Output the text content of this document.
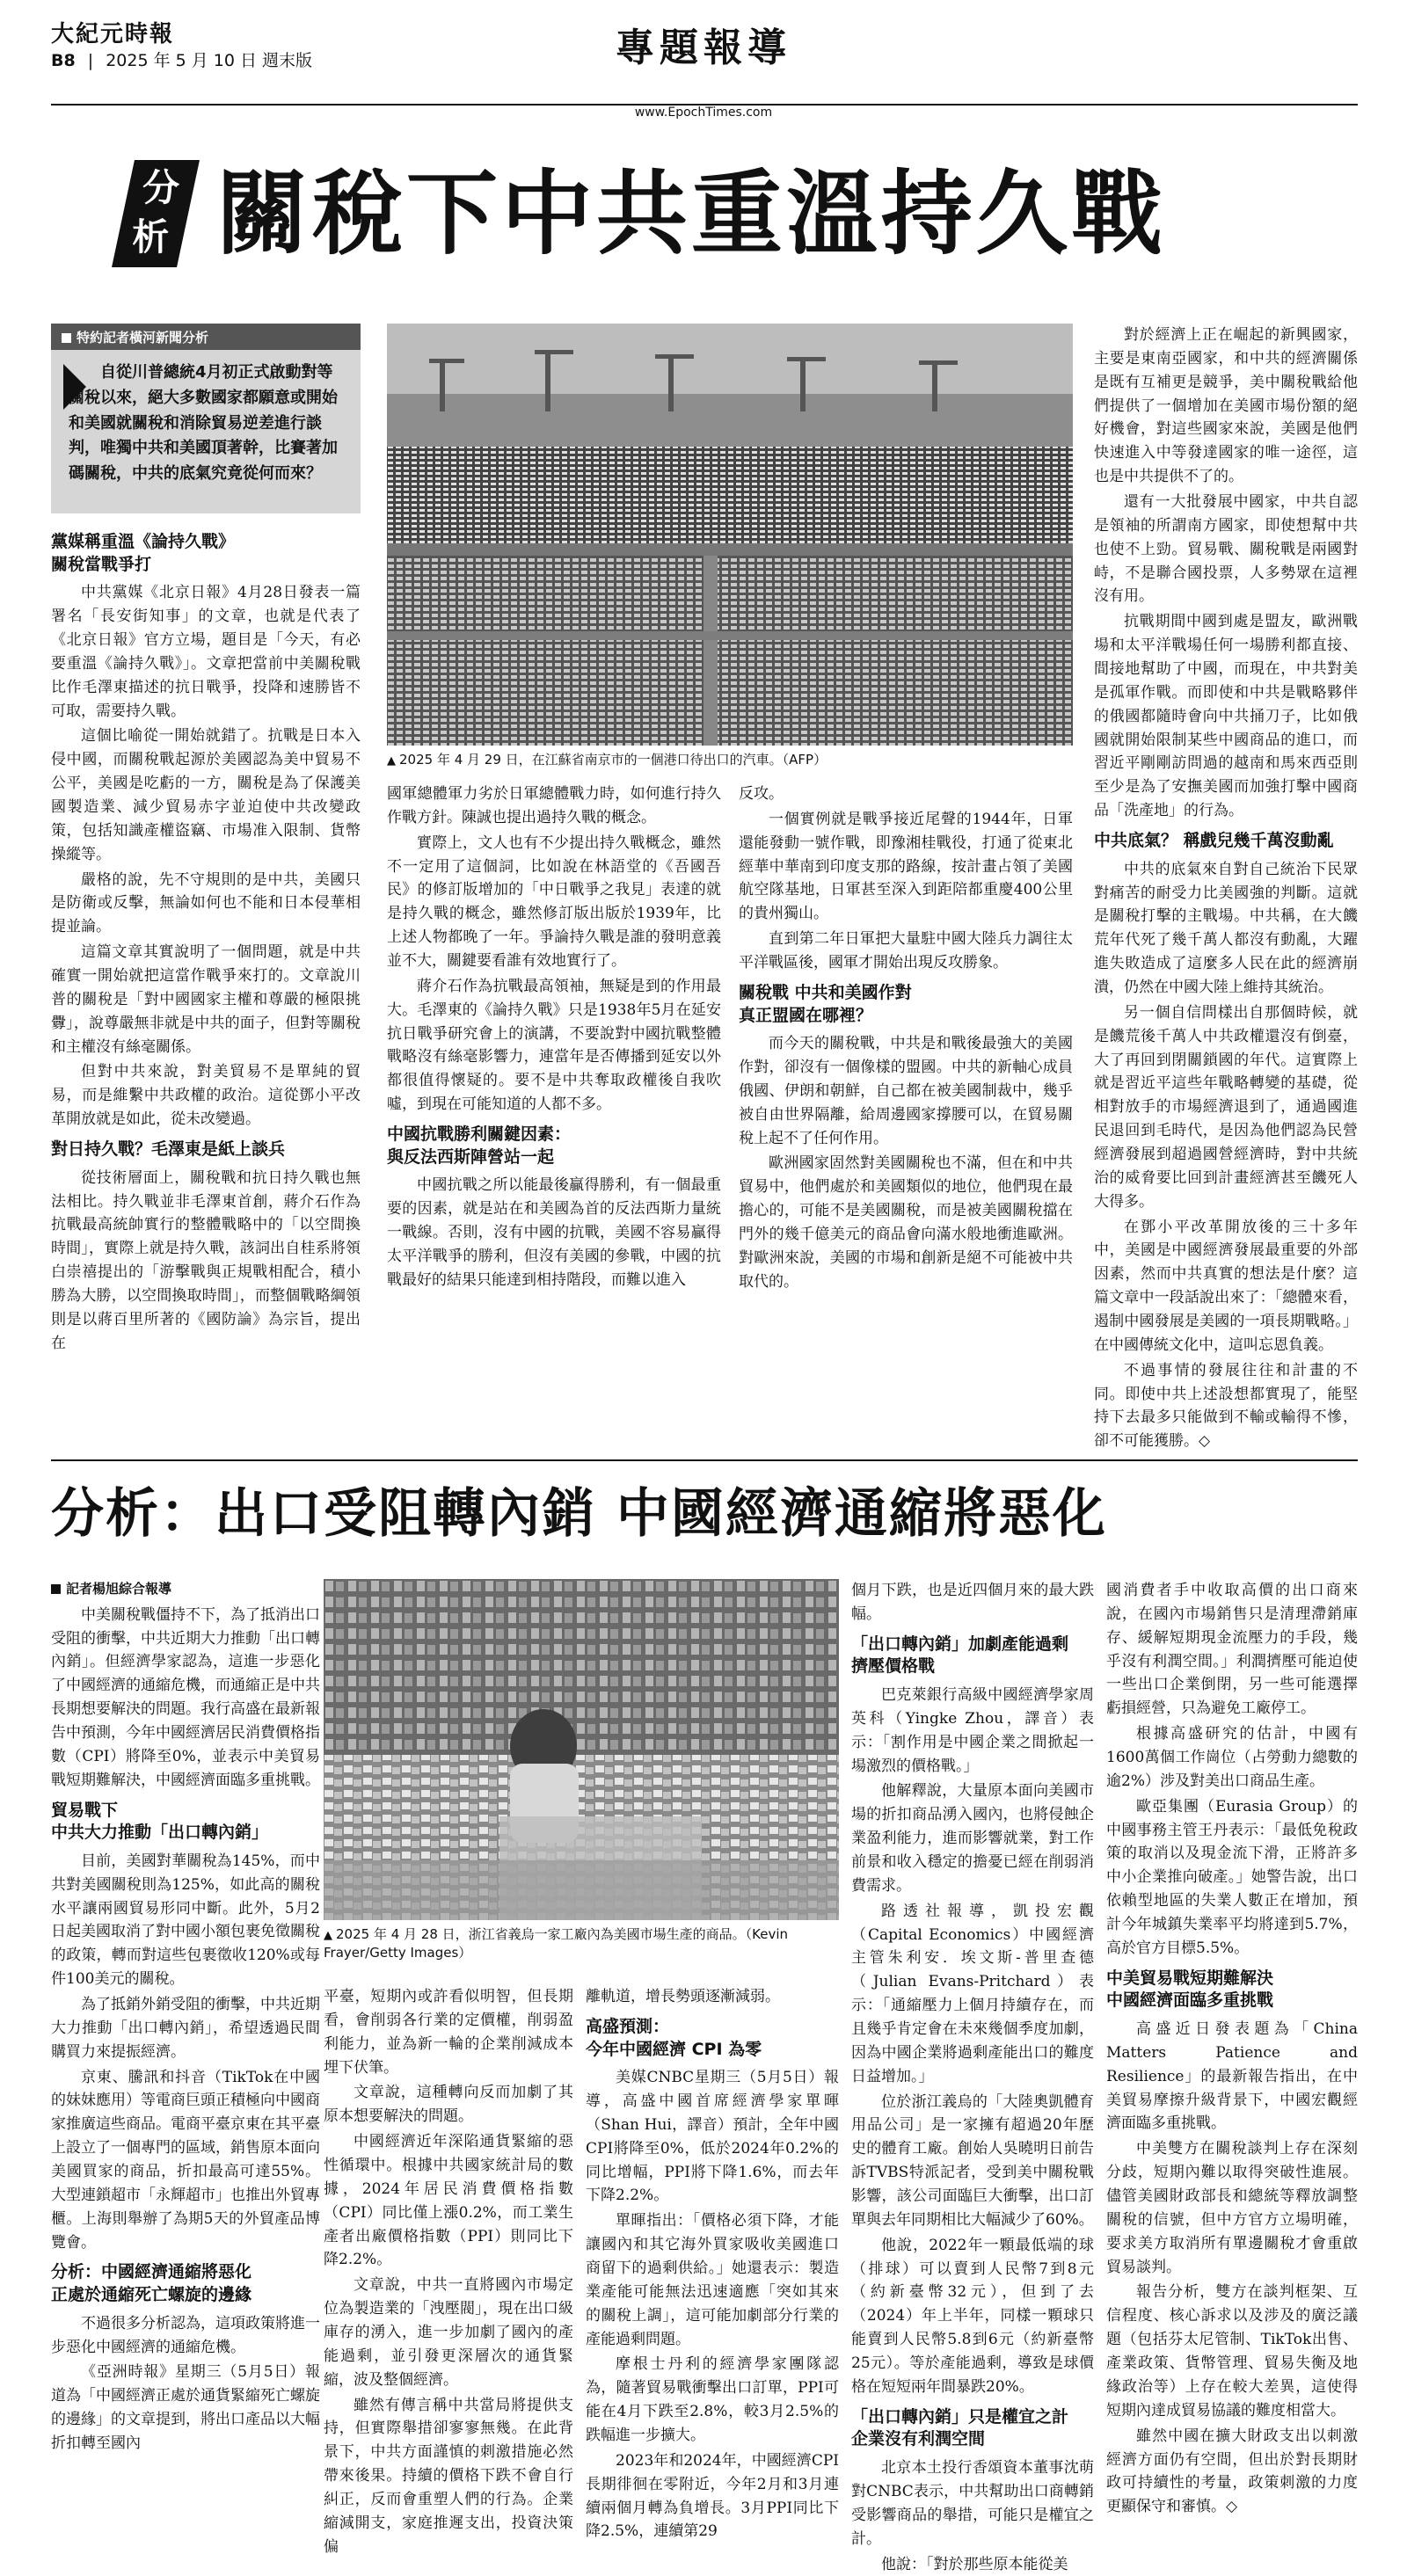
大紀元時報
B8 | 2025 年 5 月 10 日 週末版	專題報導
www.EpochTimes.com
分
析 關稅下中共重溫持久戰
特約記者橫河新聞分析
自從川普總統4月初正式啟動對等關稅以來，絕大多數國家都願意或開始和美國就關稅和消除貿易逆差進行談判，唯獨中共和美國頂著幹，比賽著加碼關稅，中共的底氣究竟從何而來？
▲ 2025 年 4 月 29 日，在江蘇省南京市的一個港口待出口的汽車。（AFP）
黨媒稱重溫《論持久戰》
關稅當戰爭打

中共黨媒《北京日報》4月28日發表一篇署名「長安街知事」的文章，也就是代表了《北京日報》官方立場，題目是「今天，有必要重溫《論持久戰》」。文章把當前中美關稅戰比作毛澤東描述的抗日戰爭，投降和速勝皆不可取，需要持久戰。

這個比喻從一開始就錯了。抗戰是日本入侵中國，而關稅戰起源於美國認為美中貿易不公平，美國是吃虧的一方，關稅是為了保護美國製造業、減少貿易赤字並迫使中共改變政策，包括知識產權盜竊、市場准入限制、貨幣操縱等。

嚴格的說，先不守規則的是中共，美國只是防衛或反擊，無論如何也不能和日本侵華相提並論。

這篇文章其實說明了一個問題，就是中共確實一開始就把這當作戰爭來打的。文章說川普的關稅是「對中國國家主權和尊嚴的極限挑釁」，說尊嚴無非就是中共的面子，但對等關稅和主權沒有絲毫關係。

但對中共來說，對美貿易不是單純的貿易，而是維繫中共政權的政治。這從鄧小平改革開放就是如此，從未改變過。

對日持久戰？毛澤東是紙上談兵

從技術層面上，關稅戰和抗日持久戰也無法相比。持久戰並非毛澤東首創，蔣介石作為抗戰最高統帥實行的整體戰略中的「以空間換時間」，實際上就是持久戰，該詞出自桂系將領白崇禧提出的「游擊戰與正規戰相配合，積小勝為大勝，以空間換取時間」，而整個戰略綱領則是以蔣百里所著的《國防論》為宗旨，提出在

國軍總體軍力劣於日軍總體戰力時，如何進行持久作戰方針。陳誠也提出過持久戰的概念。

實際上，文人也有不少提出持久戰概念，雖然不一定用了這個詞，比如說在林語堂的《吾國吾民》的修訂版增加的「中日戰爭之我見」表達的就是持久戰的概念，雖然修訂版出版於1939年，比上述人物都晚了一年。爭論持久戰是誰的發明意義並不大，關鍵要看誰有效地實行了。

蔣介石作為抗戰最高領袖，無疑是到的作用最大。毛澤東的《論持久戰》只是1938年5月在延安抗日戰爭研究會上的演講，不要說對中國抗戰整體戰略沒有絲毫影響力，連當年是否傳播到延安以外都很值得懷疑的。要不是中共奪取政權後自我吹噓，到現在可能知道的人都不多。

中國抗戰勝利關鍵因素：
與反法西斯陣營站一起

中國抗戰之所以能最後贏得勝利，有一個最重要的因素，就是站在和美國為首的反法西斯力量統一戰線。否則，沒有中國的抗戰，美國不容易贏得太平洋戰爭的勝利，但沒有美國的參戰，中國的抗戰最好的結果只能達到相持階段，而難以進入

反攻。

一個實例就是戰爭接近尾聲的1944年，日軍還能發動一號作戰，即豫湘桂戰役，打通了從東北經華中華南到印度支那的路線，按計畫占領了美國航空隊基地，日軍甚至深入到距陪都重慶400公里的貴州獨山。

直到第二年日軍把大量駐中國大陸兵力調往太平洋戰區後，國軍才開始出現反攻勝象。

關稅戰 中共和美國作對
真正盟國在哪裡？

而今天的關稅戰，中共是和戰後最強大的美國作對，卻沒有一個像樣的盟國。中共的新軸心成員俄國、伊朗和朝鮮，自己都在被美國制裁中，幾乎被自由世界隔離，給周邊國家撐腰可以，在貿易關稅上起不了任何作用。

歐洲國家固然對美國關稅也不滿，但在和中共貿易中，他們處於和美國類似的地位，他們現在最擔心的，可能不是美國關稅，而是被美國關稅擋在門外的幾千億美元的商品會向滿水般地衝進歐洲。對歐洲來說，美國的市場和創新是絕不可能被中共取代的。

對於經濟上正在崛起的新興國家，主要是東南亞國家，和中共的經濟關係是既有互補更是競爭，美中關稅戰給他們提供了一個增加在美國市場份額的絕好機會，對這些國家來說，美國是他們快速進入中等發達國家的唯一途徑，這也是中共提供不了的。

還有一大批發展中國家，中共自認是領袖的所謂南方國家，即使想幫中共也使不上勁。貿易戰、關稅戰是兩國對峙，不是聯合國投票，人多勢眾在這裡沒有用。

抗戰期間中國到處是盟友，歐洲戰場和太平洋戰場任何一場勝利都直接、間接地幫助了中國，而現在，中共對美是孤軍作戰。而即使和中共是戰略夥伴的俄國都隨時會向中共捅刀子，比如俄國就開始限制某些中國商品的進口，而習近平剛剛訪問過的越南和馬來西亞則至少是為了安撫美國而加強打擊中國商品「洗產地」的行為。

中共底氣？ 稱戲兒幾千萬沒動亂

中共的底氣來自對自己統治下民眾對痛苦的耐受力比美國強的判斷。這就是關稅打擊的主戰場。中共稱，在大饑荒年代死了幾千萬人都沒有動亂，大躍進失敗造成了這麼多人民在此的經濟崩潰，仍然在中國大陸上維持其統治。

另一個自信問樣出自那個時候，就是饑荒後千萬人中共政權還沒有倒臺，大了再回到閉關鎖國的年代。這實際上就是習近平這些年戰略轉變的基礎，從相對放手的市場經濟退到了，通過國進民退回到毛時代，是因為他們認為民營經濟發展到超過國營經濟時，對中共統治的威脅要比回到計畫經濟甚至饑死人大得多。

在鄧小平改革開放後的三十多年中，美國是中國經濟發展最重要的外部因素，然而中共真實的想法是什麼？這篇文章中一段話說出來了：「總體來看，遏制中國發展是美國的一項長期戰略。」在中國傳統文化中，這叫忘恩負義。

不過事情的發展往往和計畫的不同。即使中共上述設想都實現了，能堅持下去最多只能做到不輸或輸得不慘，卻不可能獲勝。◇

分析：出口受阻轉內銷 中國經濟通縮將惡化
記者楊旭綜合報導

中美關稅戰僵持不下，為了抵消出口受阻的衝擊，中共近期大力推動「出口轉內銷」。但經濟學家認為，這進一步惡化了中國經濟的通縮危機，而通縮正是中共長期想要解決的問題。我行高盛在最新報告中預測，今年中國經濟居民消費價格指數（CPI）將降至0%，並表示中美貿易戰短期難解決，中國經濟面臨多重挑戰。

貿易戰下
中共大力推動「出口轉內銷」

目前，美國對華關稅為145%，而中共對美國關稅則為125%，如此高的關稅水平讓兩國貿易形同中斷。此外，5月2日起美國取消了對中國小額包裹免徵關稅的政策，轉而對這些包裹徵收120%或每件100美元的關稅。

為了抵銷外銷受阻的衝擊，中共近期大力推動「出口轉內銷」，希望透過民間購買力來提振經濟。

京東、騰訊和抖音（TikTok在中國的妹妹應用）等電商巨頭正積極向中國商家推廣這些商品。電商平臺京東在其平臺上設立了一個專門的區域，銷售原本面向美國買家的商品，折扣最高可達55%。大型連鎖超市「永輝超市」也推出外貿專櫃。上海則舉辦了為期5天的外貿產品博覽會。

分析：中國經濟通縮將惡化
正處於通縮死亡螺旋的邊緣

不過很多分析認為，這項政策將進一步惡化中國經濟的通縮危機。

《亞洲時報》星期三（5月5日）報道為「中國經濟正處於通貨緊縮死亡螺旋的邊緣」的文章提到，將出口產品以大幅折扣轉至國內

▲ 2025 年 4 月 28 日，浙江省義烏一家工廠內為美國市場生產的商品。（Kevin Frayer/Getty Images）

平臺，短期內或許看似明智，但長期看，會削弱各行業的定價權，削弱盈利能力，並為新一輪的企業削減成本埋下伏筆。

文章說，這種轉向反而加劇了其原本想要解決的問題。

中國經濟近年深陷通貨緊縮的惡性循環中。根據中共國家統計局的數據，2024年居民消費價格指數（CPI）同比僅上漲0.2%，而工業生產者出廠價格指數（PPI）則同比下降2.2%。

文章說，中共一直將國內市場定位為製造業的「洩壓閥」，現在出口級庫存的湧入，進一步加劇了國內的產能過剩，並引發更深層次的通貨緊縮，波及整個經濟。

雖然有傳言稱中共當局將提供支持，但實際舉措卻寥寥無幾。在此背景下，中共方面謹慎的刺激措施必然帶來後果。持續的價格下跌不會自行糾正，反而會重塑人們的行為。企業縮減開支，家庭推遲支出，投資決策偏

離軌道，增長勢頭逐漸減弱。

高盛預測：
今年中國經濟 CPI 為零

美媒CNBC星期三（5月5日）報導，高盛中國首席經濟學家單暉（Shan Hui，譯音）預計，全年中國CPI將降至0%，低於2024年0.2%的同比增幅，PPI將下降1.6%，而去年下降2.2%。

單暉指出：「價格必須下降，才能讓國內和其它海外買家吸收美國進口商留下的過剩供給。」她還表示：製造業產能可能無法迅速適應「突如其來的關稅上調」，這可能加劇部分行業的產能過剩問題。

摩根士丹利的經濟學家團隊認為，隨著貿易戰衝擊出口訂單，PPI可能在4月下跌至2.8%，較3月2.5%的跌幅進一步擴大。

2023年和2024年，中國經濟CPI長期徘徊在零附近，今年2月和3月連續兩個月轉為負增長。3月PPI同比下降2.5%，連續第29

個月下跌，也是近四個月來的最大跌幅。

「出口轉內銷」加劇產能過剩
擠壓價格戰

巴克萊銀行高級中國經濟學家周英科（Yingke Zhou，譯音）表示：「割作用是中國企業之間掀起一場激烈的價格戰。」

他解釋說，大量原本面向美國市場的折扣商品湧入國內，也將侵蝕企業盈利能力，進而影響就業，對工作前景和收入穩定的擔憂已經在削弱消費需求。

路透社報導，凱投宏觀（Capital Economics）中國經濟主管朱利安．埃文斯-普里查德（Julian Evans-Pritchard）表示：「通縮壓力上個月持續存在，而且幾乎肯定會在未來幾個季度加劇，因為中國企業將過剩產能出口的難度日益增加。」

位於浙江義烏的「大陸奧凱體育用品公司」是一家擁有超過20年歷史的體育工廠。創始人吳曉明日前告訴TVBS特派記者，受到美中關稅戰影響，該公司面臨巨大衝擊，出口訂單與去年同期相比大幅減少了60%。

他說，2022年一顆最低端的球（排球）可以賣到人民幣7到8元（約新臺幣32元），但到了去（2024）年上半年，同樣一顆球只能賣到人民幣5.8到6元（約新臺幣25元）。等於產能過剩，導致是球價格在短短兩年間暴跌20%。

「出口轉內銷」只是權宜之計
企業沒有利潤空間

北京本土投行香頌資本董事沈萌對CNBC表示，中共幫助出口商轉銷受影響商品的舉措，可能只是權宜之計。

他說：「對於那些原本能從美

國消費者手中收取高價的出口商來說，在國內市場銷售只是清理滯銷庫存、緩解短期現金流壓力的手段，幾乎沒有利潤空間。」利潤擠壓可能迫使一些出口企業倒閉，另一些可能選擇虧損經營，只為避免工廠停工。

根據高盛研究的估計，中國有1600萬個工作崗位（占勞動力總數的逾2%）涉及對美出口商品生產。

歐亞集團（Eurasia Group）的中國事務主管王丹表示：「最低免稅政策的取消以及現金流下滑，正將許多中小企業推向破產。」她警告說，出口依賴型地區的失業人數正在增加，預計今年城鎮失業率平均將達到5.7%，高於官方目標5.5%。

中美貿易戰短期難解決
中國經濟面臨多重挑戰

高盛近日發表題為「China Matters Patience and Resilience」的最新報告指出，在中美貿易摩擦升級背景下，中國宏觀經濟面臨多重挑戰。

中美雙方在關稅談判上存在深刻分歧，短期內難以取得突破性進展。儘管美國財政部長和總統等釋放調整關稅的信號，但中方官方立場明確，要求美方取消所有單邊關稅才會重啟貿易談判。

報告分析，雙方在談判框架、互信程度、核心訴求以及涉及的廣泛議題（包括芬太尼管制、TikTok出售、產業政策、貨幣管理、貿易失衡及地緣政治等）上存在較大差異，這使得短期內達成貿易協議的難度相當大。

雖然中國在擴大財政支出以刺激經濟方面仍有空間，但出於對長期財政可持續性的考量，政策刺激的力度更顯保守和審慎。◇
